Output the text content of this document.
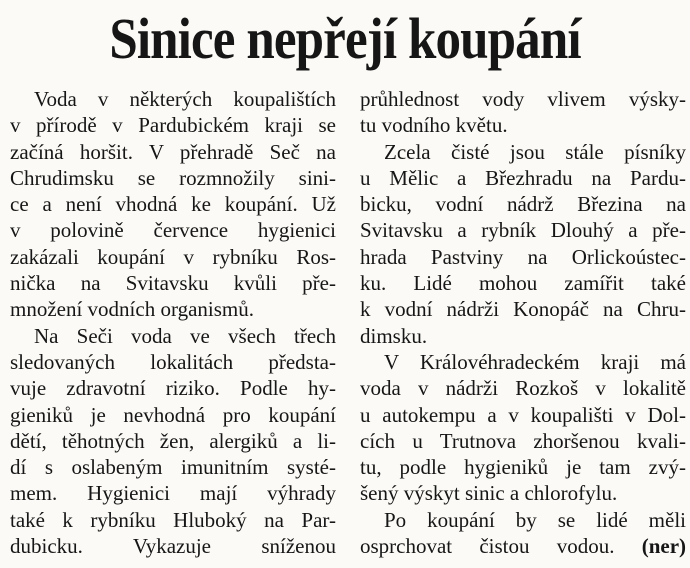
Sinice nepřejí koupání
Voda v některých koupalištích
v přírodě v Pardubickém kraji se
začíná horšit. V přehradě Seč na
Chrudimsku se rozmnožily sini-
ce a není vhodná ke koupání. Už
v polovině července hygienici
zakázali koupání v rybníku Ros-
nička na Svitavsku kvůli pře-
množení vodních organismů.
Na Seči voda ve všech třech
sledovaných lokalitách předsta-
vuje zdravotní riziko. Podle hy-
gieniků je nevhodná pro koupání
dětí, těhotných žen, alergiků a li-
dí s oslabeným imunitním systé-
mem. Hygienici mají výhrady
také k rybníku Hluboký na Par-
dubicku. Vykazuje sníženou
průhlednost vody vlivem výsky-
tu vodního květu.
Zcela čisté jsou stále písníky
u Mělic a Březhradu na Pardu-
bicku, vodní nádrž Březina na
Svitavsku a rybník Dlouhý a pře-
hrada Pastviny na Orlickoústec-
ku. Lidé mohou zamířit také
k vodní nádrži Konopáč na Chru-
dimsku.
V Královéhradeckém kraji má
voda v nádrži Rozkoš v lokalitě
u autokempu a v koupališti v Dol-
cích u Trutnova zhoršenou kvali-
tu, podle hygieniků je tam zvý-
šený výskyt sinic a chlorofylu.
Po koupání by se lidé měli
osprchovat čistou vodou. (ner)
